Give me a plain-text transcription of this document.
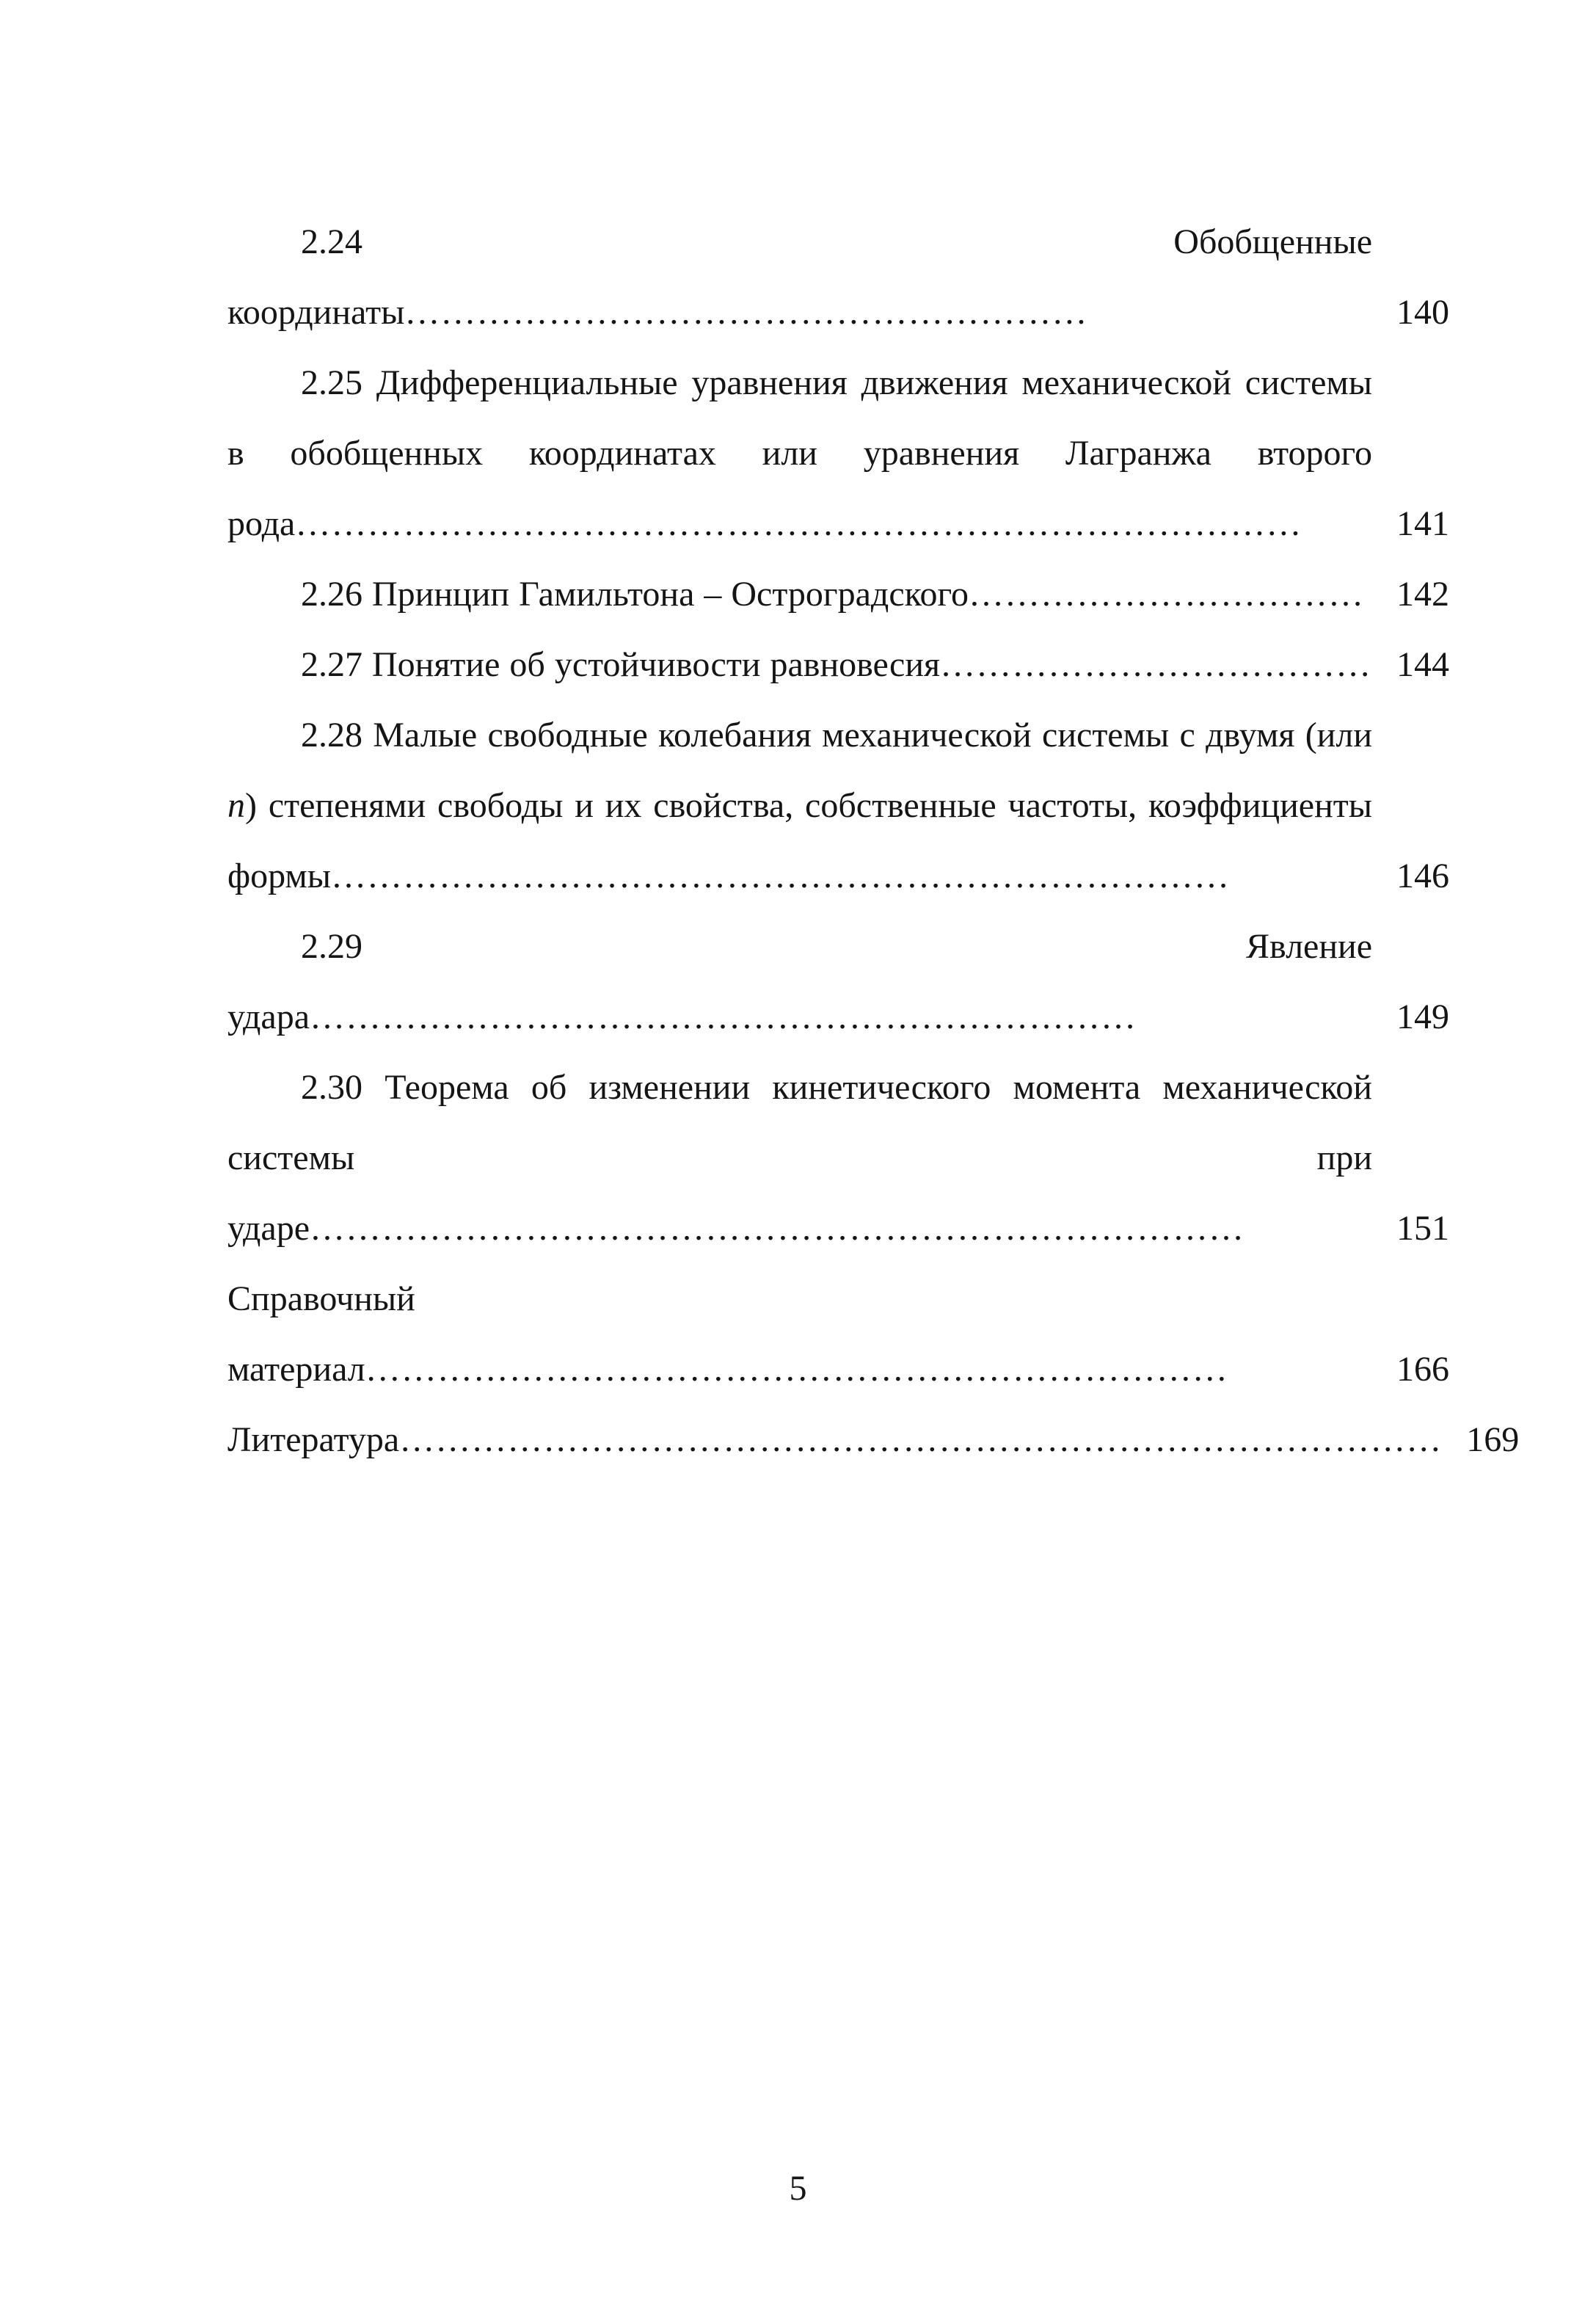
2.24 Обобщенные координаты…………………………………………………	140
2.25 Дифференциальные уравнения движения механической системы в обобщенных координатах или уравнения Лагранжа второго рода…………………………………………………………………………	141
2.26 Принцип Гамильтона – Остроградского…………………………… 142
2.27 Понятие об устойчивости равновесия……………………………… 144
2.28 Малые свободные колебания механической системы с двумя (или n) степенями свободы и их свойства, собственные частоты, коэффициенты формы…………………………………………………………………	146
2.29 Явление удара……………………………………………………………	149
2.30 Теорема об изменении кинетического момента механической системы при ударе……………………………………………………………………	151
Справочный материал………………………………………………………………	166
Литература…………………………………………………………………………… 169
5
